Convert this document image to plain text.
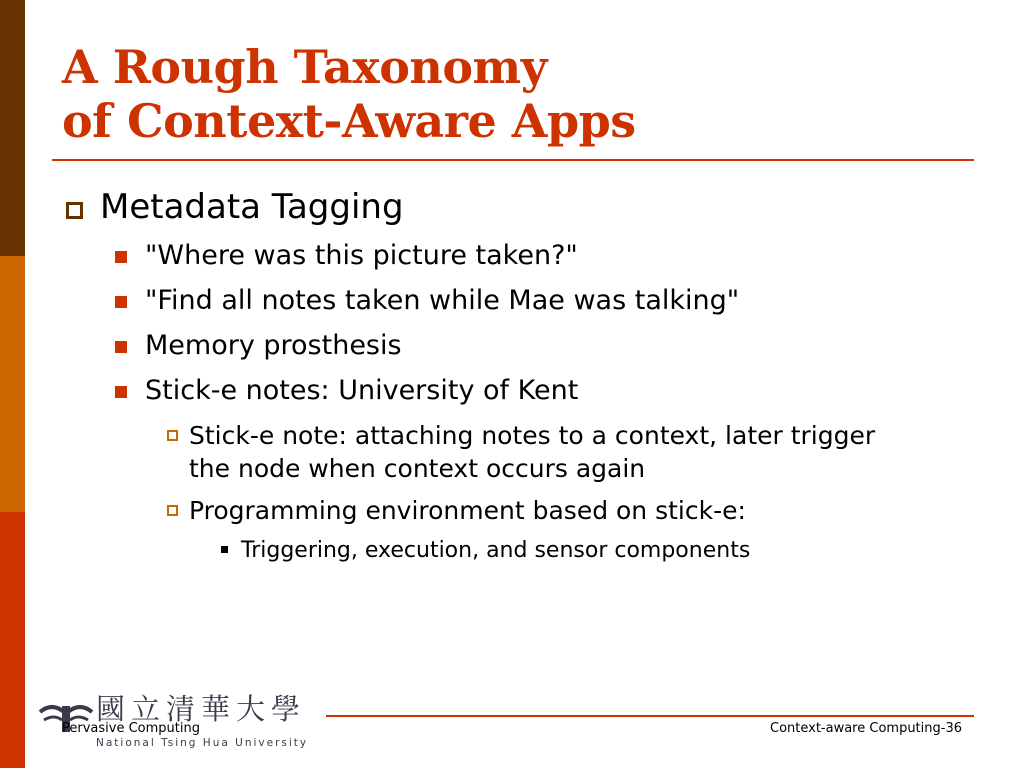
A Rough Taxonomy
of Context-Aware Apps
Metadata Tagging
"Where was this picture taken?"
"Find all notes taken while Mae was talking"
Memory prosthesis
Stick-e notes: University of Kent
Stick-e note: attaching notes to a context, later trigger
the node when context occurs again
Programming environment based on stick-e:
Triggering, execution, and sensor components
國立清華大學
National Tsing Hua University
Pervasive Computing	Context-aware Computing-36
